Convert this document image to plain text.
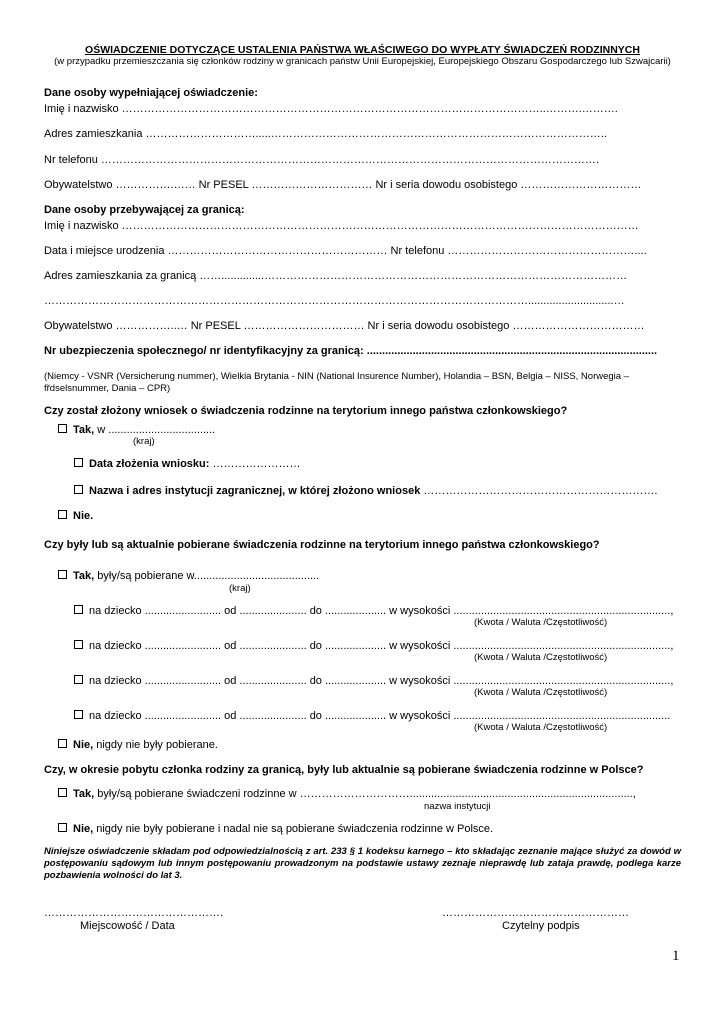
OŚWIADCZENIE DOTYCZĄCE USTALENIA PAŃSTWA WŁAŚCIWEGO DO WYPŁATY ŚWIADCZEŃ RODZINNYCH
(w przypadku przemieszczania się członków rodziny w granicach państw Unii Europejskiej, Europejskiego Obszaru Gospodarczego lub Szwajcarii)
Dane osoby wypełniającej oświadczenie:
Imię i nazwisko ……………………………………………………………………………………………………..……….……….
Adres zamieszkania ………………………….....………………………………………………………………………………..
Nr telefonu ……………………………………………………………………………………………………………………….
Obywatelstwo …………….…… Nr PESEL …………………………… Nr i seria dowodu osobistego ……………………………
Dane osoby przebywającej za granicą:
Imię i nazwisko ……………………………………………………………………………………………………………………………
Data i miejsce urodzenia …………………………………………………… Nr telefonu ……………………………………………....
Adres zamieszkania za granicą ……..............………………………………………………………………………………………
……………………………………………………………………………………………………………………............................…
Obywatelstwo ……………..… Nr PESEL …………………………… Nr i seria dowodu osobistego ………………………………
Nr ubezpieczenia społecznego/ nr identyfikacyjny za granicą: ...............................................................................................
(Niemcy - VSNR (Versicherung nummer), Wielkia Brytania - NIN (National Insurence Number), Holandia – BSN, Belgia – NISS, Norwegia –
fřdselsnummer, Dania – CPR)
Czy został złożony wniosek o świadczenia rodzinne na terytorium innego państwa członkowskiego?
Tak, w ...................................
(kraj)
Data złożenia wniosku: ……………………
Nazwa i adres instytucji zagranicznej, w której złożono wniosek ……………………………………………………….
Nie.
Czy były lub są aktualnie pobierane świadczenia rodzinne na terytorium innego państwa członkowskiego?
Tak, były/są pobierane w.........................................
(kraj)
na dziecko ......................... od ...................... do .................... w wysokości .......................................................................,
(Kwota / Waluta /Częstotliwość)
na dziecko ......................... od ...................... do .................... w wysokości .......................................................................,
(Kwota / Waluta /Częstotliwość)
na dziecko ......................... od ...................... do .................... w wysokości .......................................................................,
(Kwota / Waluta /Częstotliwość)
na dziecko ......................... od ...................... do .................... w wysokości .......................................................................
(Kwota / Waluta /Częstotliwość)
Nie, nigdy nie były pobierane.
Czy, w okresie pobytu członka rodziny za granicą, były lub aktualnie są pobierane świadczenia rodzinne w Polsce?
Tak, były/są pobierane świadczeni rodzinne w ………………………….........................................................................,
nazwa instytucji
Nie, nigdy nie były pobierane i nadal nie są pobierane świadczenia rodzinne w Polsce.
Niniejsze oświadczenie składam pod odpowiedzialnością z art. 233 § 1 kodeksu karnego – kto składając zeznanie mające służyć za dowód w postępowaniu sądowym lub innym postępowaniu prowadzonym na podstawie ustawy zeznaje nieprawdę lub zataja prawdę, podlega karze pozbawienia wolności do lat 3.
………………………………………….
Miejscowość / Data
……………………………………………
Czytelny podpis
1
